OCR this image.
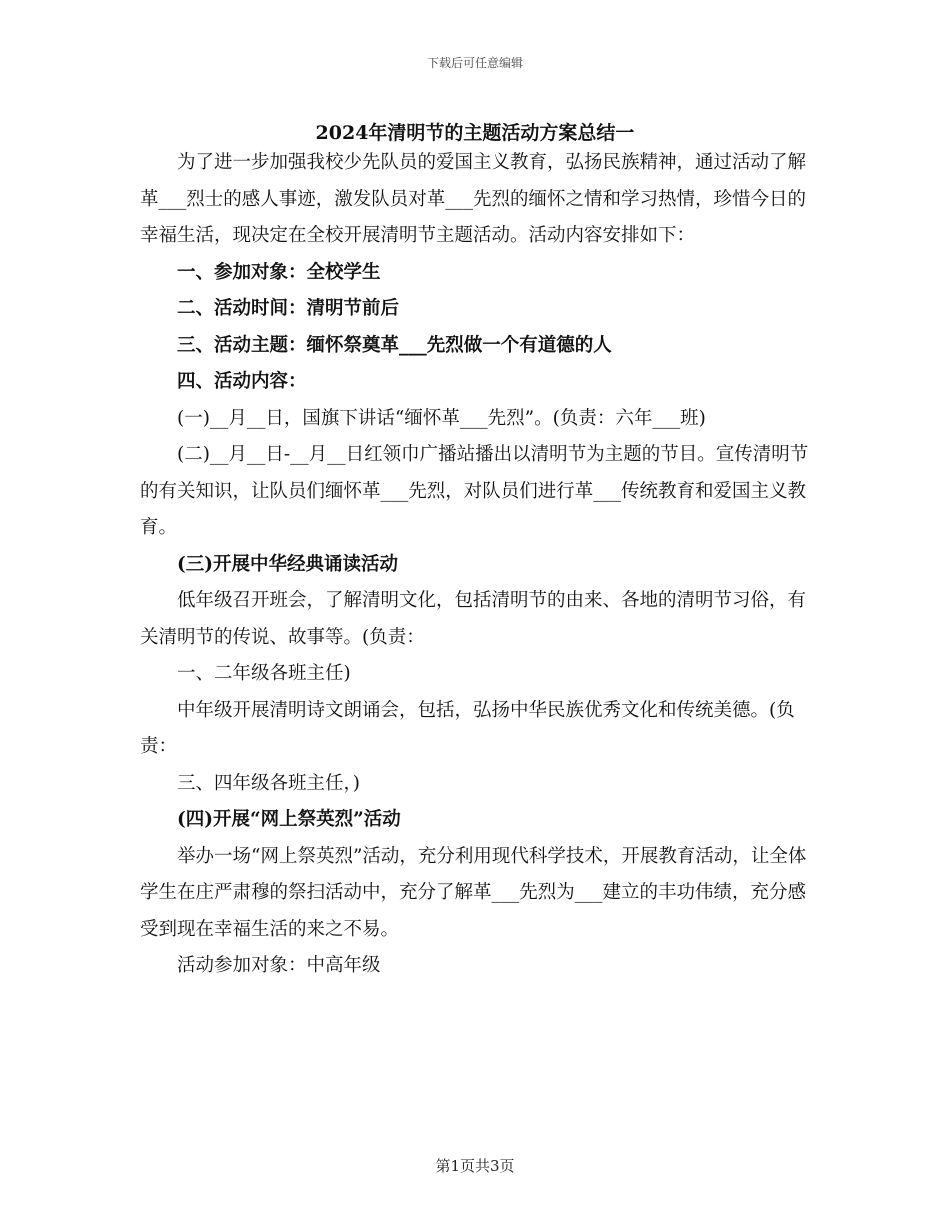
下载后可任意编辑
2024年清明节的主题活动方案总结一

为了进一步加强我校少先队员的爱国主义教育，弘扬民族精神，通过活动了解革___烈士的感人事迹，激发队员对革___先烈的缅怀之情和学习热情，珍惜今日的幸福生活，现决定在全校开展清明节主题活动。活动内容安排如下：

一、参加对象：全校学生

二、活动时间：清明节前后

三、活动主题：缅怀祭奠革___先烈做一个有道德的人

四、活动内容：

(一)__月__日，国旗下讲话“缅怀革___先烈”。(负责：六年___班)

(二)__月__日-__月__日红领巾广播站播出以清明节为主题的节目。宣传清明节的有关知识，让队员们缅怀革___先烈，对队员们进行革___传统教育和爱国主义教育。

(三)开展中华经典诵读活动

低年级召开班会，了解清明文化，包括清明节的由来、各地的清明节习俗，有关清明节的传说、故事等。(负责：

一、二年级各班主任)

中年级开展清明诗文朗诵会，包括，弘扬中华民族优秀文化和传统美德。(负责：

三、四年级各班主任，)

(四)开展“网上祭英烈”活动

举办一场“网上祭英烈”活动，充分利用现代科学技术，开展教育活动，让全体学生在庄严肃穆的祭扫活动中，充分了解革___先烈为___建立的丰功伟绩，充分感受到现在幸福生活的来之不易。

活动参加对象：中高年级

第1页共3页
